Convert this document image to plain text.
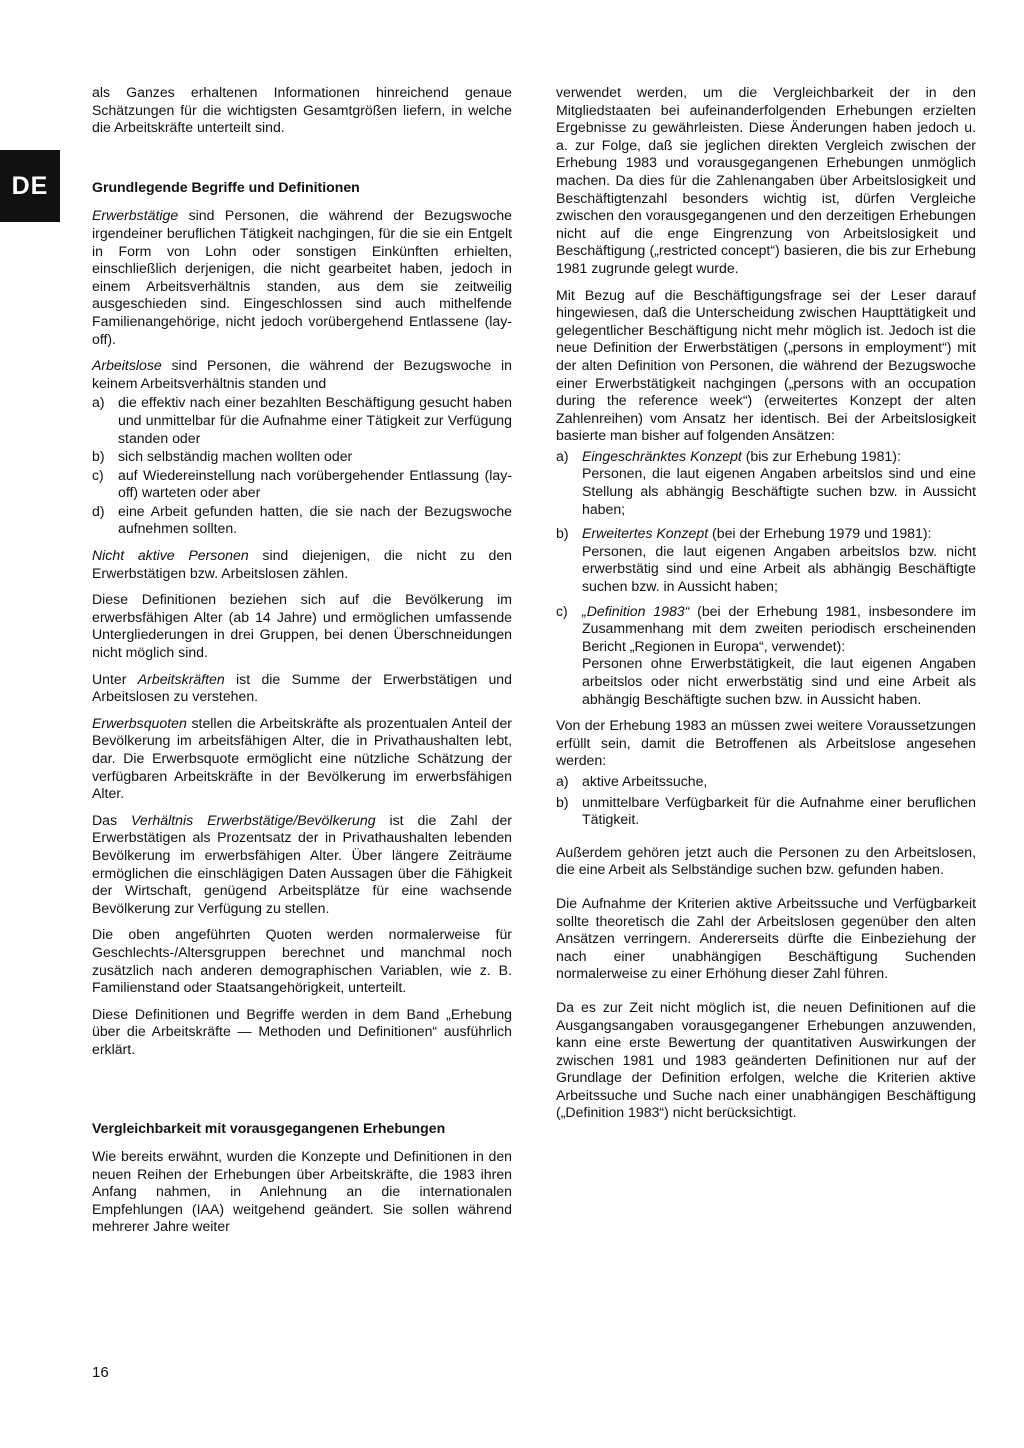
DE

als Ganzes erhaltenen Informationen hinreichend genaue Schätzungen für die wichtigsten Gesamtgrößen liefern, in welche die Arbeitskräfte unterteilt sind.

Grundlegende Begriffe und Definitionen

Erwerbstätige sind Personen, die während der Bezugswoche irgendeiner beruflichen Tätigkeit nachgingen, für die sie ein Entgelt in Form von Lohn oder sonstigen Einkünften erhielten, einschließlich derjenigen, die nicht gearbeitet haben, jedoch in einem Arbeitsverhältnis standen, aus dem sie zeitweilig ausgeschieden sind. Eingeschlossen sind auch mithelfende Familienangehörige, nicht jedoch vorübergehend Entlassene (lay-off).

Arbeitslose sind Personen, die während der Bezugswoche in keinem Arbeitsverhältnis standen und

a) die effektiv nach einer bezahlten Beschäftigung gesucht haben und unmittelbar für die Aufnahme einer Tätigkeit zur Verfügung standen oder
b) sich selbständig machen wollten oder
c)	auf Wiedereinstellung nach vorübergehender Entlassung (lay-off) warteten oder aber
d) eine Arbeit gefunden hatten, die sie nach der Bezugswoche aufnehmen sollten.

Nicht aktive Personen sind diejenigen, die nicht zu den Erwerbstätigen bzw. Arbeitslosen zählen.

Diese Definitionen beziehen sich auf die Bevölkerung im erwerbsfähigen Alter (ab 14 Jahre) und ermöglichen umfassende Untergliederungen in drei Gruppen, bei denen Überschneidungen nicht möglich sind.

Unter Arbeitskräften ist die Summe der Erwerbstätigen und Arbeitslosen zu verstehen.

Erwerbsquoten stellen die Arbeitskräfte als prozentualen Anteil der Bevölkerung im arbeitsfähigen Alter, die in Privathaushalten lebt, dar. Die Erwerbsquote ermöglicht eine nützliche Schätzung der verfügbaren Arbeitskräfte in der Bevölkerung im erwerbsfähigen Alter.

Das Verhältnis Erwerbstätige/Bevölkerung ist die Zahl der Erwerbstätigen als Prozentsatz der in Privathaushalten lebenden Bevölkerung im erwerbsfähigen Alter. Über längere Zeiträume ermöglichen die einschlägigen Daten Aussagen über die Fähigkeit der Wirtschaft, genügend Arbeitsplätze für eine wachsende Bevölkerung zur Verfügung zu stellen.

Die oben angeführten Quoten werden normalerweise für Geschlechts-/Altersgruppen berechnet und manchmal noch zusätzlich nach anderen demographischen Variablen, wie z. B. Familienstand oder Staatsangehörigkeit, unterteilt.

Diese Definitionen und Begriffe werden in dem Band „Erhebung über die Arbeitskräfte — Methoden und Definitionen“ ausführlich erklärt.

Vergleichbarkeit mit vorausgegangenen Erhebungen

Wie bereits erwähnt, wurden die Konzepte und Definitionen in den neuen Reihen der Erhebungen über Arbeitskräfte, die 1983 ihren Anfang nahmen, in Anlehnung an die internationalen Empfehlungen (IAA) weitgehend geändert. Sie sollen während mehrerer Jahre weiter

verwendet werden, um die Vergleichbarkeit der in den Mitgliedstaaten bei aufeinanderfolgenden Erhebungen erzielten Ergebnisse zu gewährleisten. Diese Änderungen haben jedoch u. a. zur Folge, daß sie jeglichen direkten Vergleich zwischen der Erhebung 1983 und vorausgegangenen Erhebungen unmöglich machen. Da dies für die Zahlenangaben über Arbeitslosigkeit und Beschäftigtenzahl besonders wichtig ist, dürfen Vergleiche zwischen den vorausgegangenen und den derzeitigen Erhebungen nicht auf die enge Eingrenzung von Arbeitslosigkeit und Beschäftigung („restricted concept“) basieren, die bis zur Erhebung 1981 zugrunde gelegt wurde.

Mit Bezug auf die Beschäftigungsfrage sei der Leser darauf hingewiesen, daß die Unterscheidung zwischen Haupttätigkeit und gelegentlicher Beschäftigung nicht mehr möglich ist. Jedoch ist die neue Definition der Erwerbstätigen („persons in employment“) mit der alten Definition von Personen, die während der Bezugswoche einer Erwerbstätigkeit nachgingen („persons with an occupation during the reference week“) (erweitertes Konzept der alten Zahlenreihen) vom Ansatz her identisch. Bei der Arbeitslosigkeit basierte man bisher auf folgenden Ansätzen:

a) Eingeschränktes Konzept (bis zur Erhebung 1981):
Personen, die laut eigenen Angaben arbeitslos sind und eine Stellung als abhängig Beschäftigte suchen bzw. in Aussicht haben;
b) Erweitertes Konzept (bei der Erhebung 1979 und 1981):
Personen, die laut eigenen Angaben arbeitslos bzw. nicht erwerbstätig sind und eine Arbeit als abhängig Beschäftigte suchen bzw. in Aussicht haben;
c)	„Definition 1983“ (bei der Erhebung 1981, insbesondere im Zusammenhang mit dem zweiten periodisch erscheinenden Bericht „Regionen in Europa“, verwendet):
Personen ohne Erwerbstätigkeit, die laut eigenen Angaben arbeitslos oder nicht erwerbstätig sind und eine Arbeit als abhängig Beschäftigte suchen bzw. in Aussicht haben.

Von der Erhebung 1983 an müssen zwei weitere Voraussetzungen erfüllt sein, damit die Betroffenen als Arbeitslose angesehen werden:

a) aktive Arbeitssuche,
b) unmittelbare Verfügbarkeit für die Aufnahme einer beruflichen Tätigkeit.

Außerdem gehören jetzt auch die Personen zu den Arbeitslosen, die eine Arbeit als Selbständige suchen bzw. gefunden haben.

Die Aufnahme der Kriterien aktive Arbeitssuche und Verfügbarkeit sollte theoretisch die Zahl der Arbeitslosen gegenüber den alten Ansätzen verringern. Andererseits dürfte die Einbeziehung der nach einer unabhängigen Beschäftigung Suchenden normalerweise zu einer Erhöhung dieser Zahl führen.

Da es zur Zeit nicht möglich ist, die neuen Definitionen auf die Ausgangsangaben vorausgegangener Erhebungen anzuwenden, kann eine erste Bewertung der quantitativen Auswirkungen der zwischen 1981 und 1983 geänderten Definitionen nur auf der Grundlage der Definition erfolgen, welche die Kriterien aktive Arbeitssuche und Suche nach einer unabhängigen Beschäftigung („Definition 1983“) nicht berücksichtigt.

16
